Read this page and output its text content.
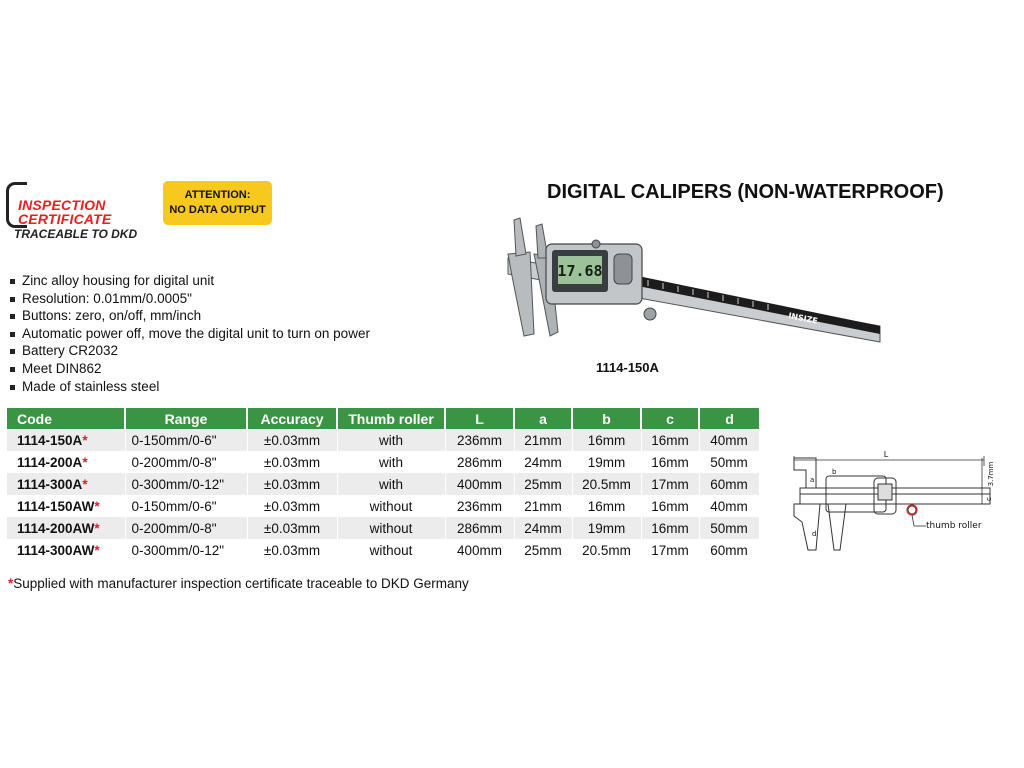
INSPECTION
CERTIFICATE
TRACEABLE TO DKD
ATTENTION:
NO DATA OUTPUT
DIGITAL CALIPERS (NON-WATERPROOF)
17.68
INSIZE
1114-150A
Zinc alloy housing for digital unit
Resolution: 0.01mm/0.0005"
Buttons: zero, on/off, mm/inch
Automatic power off, move the digital unit to turn on power
Battery CR2032
Meet DIN862
Made of stainless steel
Code	Range	Accuracy	Thumb roller	L	a	b	c	d
1114-150A*	0-150mm/0-6"	±0.03mm	with	236mm	21mm	16mm	16mm	40mm
1114-200A*	0-200mm/0-8"	±0.03mm	with	286mm	24mm	19mm	16mm	50mm
1114-300A*	0-300mm/0-12"	±0.03mm	with	400mm	25mm	20.5mm	17mm	60mm
1114-150AW*	0-150mm/0-6"	±0.03mm	without	236mm	21mm	16mm	16mm	40mm
1114-200AW*	0-200mm/0-8"	±0.03mm	without	286mm	24mm	19mm	16mm	50mm
1114-300AW*	0-300mm/0-12"	±0.03mm	without	400mm	25mm	20.5mm	17mm	60mm
*Supplied with manufacturer inspection certificate traceable to DKD Germany
L
a
b
d
3.7mm
c
thumb roller
